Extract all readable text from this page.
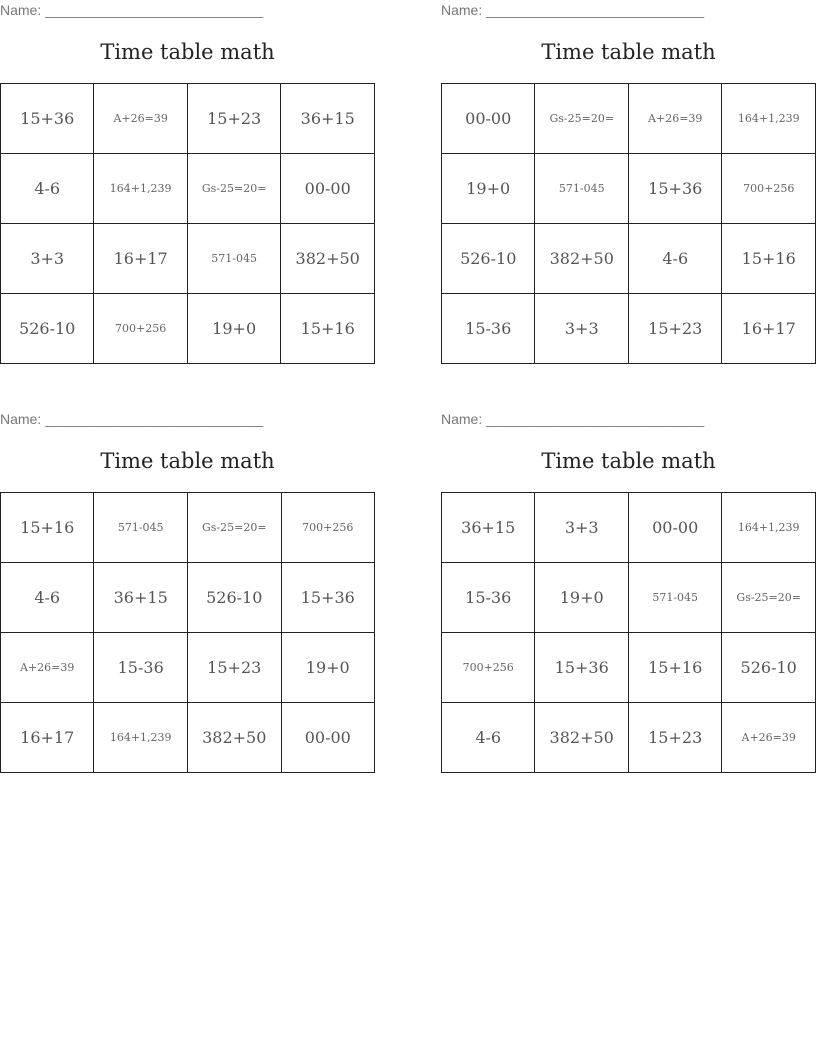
Name: ____________________________
Time table math
15+36	A+26=39	15+23	36+15
4-6	164+1,239	Gs-25=20=	00-00
3+3	16+17	571-045	382+50
526-10	700+256	19+0	15+16
Name: ____________________________
Time table math
00-00	Gs-25=20=	A+26=39	164+1,239
19+0	571-045	15+36	700+256
526-10	382+50	4-6	15+16
15-36	3+3	15+23	16+17
Name: ____________________________
Time table math
15+16	571-045	Gs-25=20=	700+256
4-6	36+15	526-10	15+36
A+26=39	15-36	15+23	19+0
16+17	164+1,239	382+50	00-00
Name: ____________________________
Time table math
36+15	3+3	00-00	164+1,239
15-36	19+0	571-045	Gs-25=20=
700+256	15+36	15+16	526-10
4-6	382+50	15+23	A+26=39
